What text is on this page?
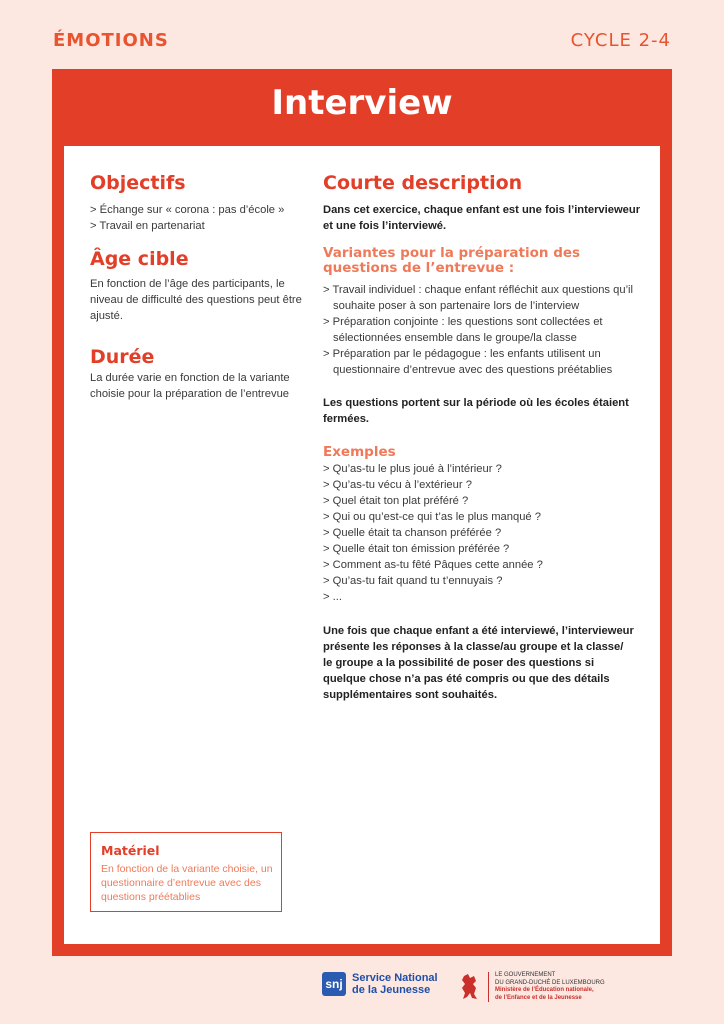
ÉMOTIONS	CYCLE 2-4
Interview
Objectifs

> Échange sur « corona : pas d’école »

> Travail en partenariat

Âge cible

En fonction de l’âge des participants, le niveau de difficulté des questions peut être ajusté.

Durée

La durée varie en fonction de la variante choisie pour la préparation de l’entrevue

Courte description

Dans cet exercice, chaque enfant est une fois l’intervieweur et une fois l’interviewé.

Variantes pour la préparation des questions de l’entrevue :

> Travail individuel : chaque enfant réfléchit aux questions qu’il souhaite poser à son partenaire lors de l’interview

> Préparation conjointe : les questions sont collectées et sélectionnées ensemble dans le groupe/la classe

> Préparation par le pédagogue : les enfants utilisent un questionnaire d’entrevue avec des questions préétablies

Les questions portent sur la période où les écoles étaient fermées.

Exemples

> Qu’as-tu le plus joué à l’intérieur ?

> Qu’as-tu vécu à l’extérieur ?

> Quel était ton plat préféré ?

> Qui ou qu’est-ce qui t’as le plus manqué ?

> Quelle était ta chanson préférée ?

> Quelle était ton émission préférée ?

> Comment as-tu fêté Pâques cette année ?

> Qu’as-tu fait quand tu t’ennuyais ?

> ...

Une fois que chaque enfant a été interviewé, l’intervieweur présente les réponses à la classe/au groupe et la classe/ le groupe a la possibilité de poser des questions si quelque chose n’a pas été compris ou que des détails supplémentaires sont souhaités.

Matériel
En fonction de la variante choisie, un questionnaire d’entrevue avec des questions préétablies
snj Service National
de la Jeunesse
LE GOUVERNEMENT
DU GRAND-DUCHÉ DE LUXEMBOURG
Ministère de l’Éducation nationale,
de l’Enfance et de la Jeunesse
